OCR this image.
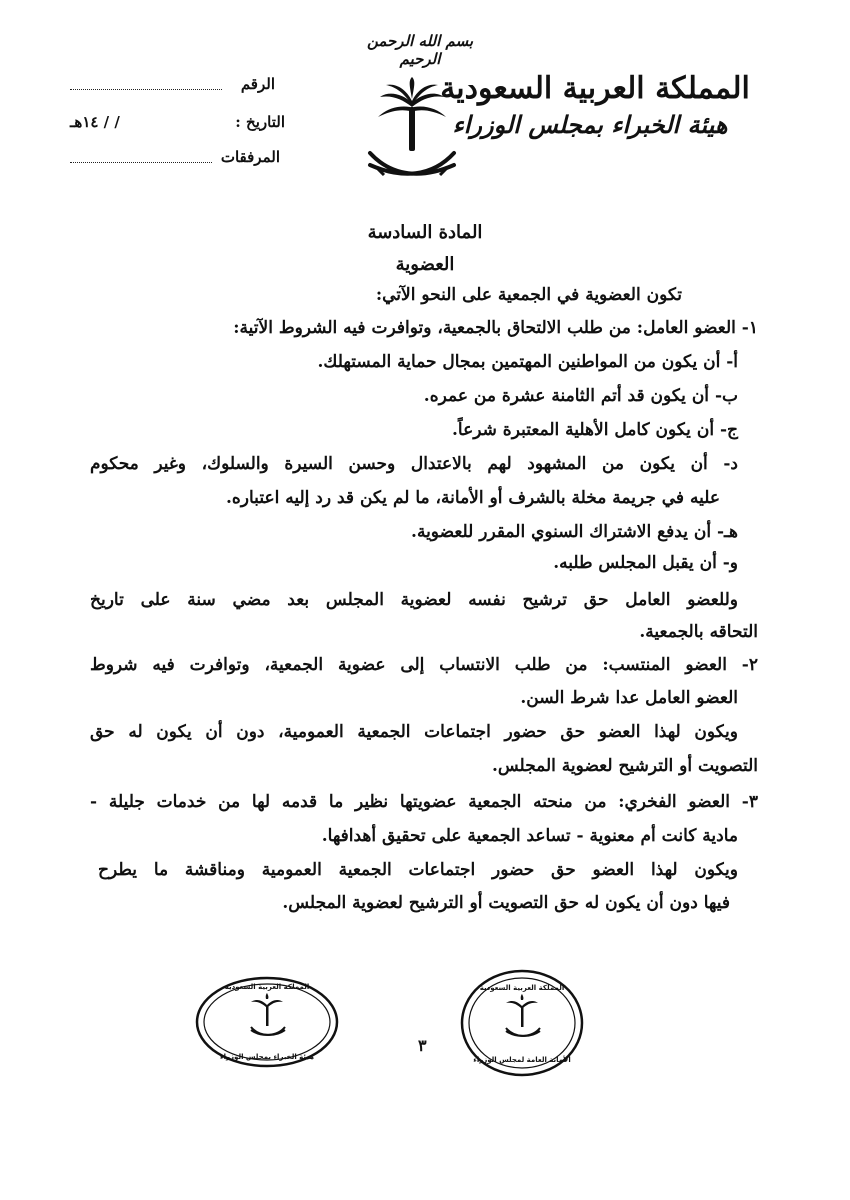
بسم الله الرحمن الرحيم
المملكة العربية السعودية
هيئة الخبراء بمجلس الوزراء
الرقم
التاريخ :
/ / ١٤هـ
المرفقات
المادة السادسة
العضوية
تكون العضوية في الجمعية على النحو الآتي:
١- العضو العامل: من طلب الالتحاق بالجمعية، وتوافرت فيه الشروط الآتية:
أ- أن يكون من المواطنين المهتمين بمجال حماية المستهلك.
ب- أن يكون قد أتم الثامنة عشرة من عمره.
ج- أن يكون كامل الأهلية المعتبرة شرعاً.
د- أن يكون من المشهود لهم بالاعتدال وحسن السيرة والسلوك، وغير محكوم
عليه في جريمة مخلة بالشرف أو الأمانة، ما لم يكن قد رد إليه اعتباره.
هـ- أن يدفع الاشتراك السنوي المقرر للعضوية.
و- أن يقبل المجلس طلبه.
وللعضو العامل حق ترشيح نفسه لعضوية المجلس بعد مضي سنة على تاريخ
التحاقه بالجمعية.
٢- العضو المنتسب: من طلب الانتساب إلى عضوية الجمعية، وتوافرت فيه شروط
العضو العامل عدا شرط السن.
ويكون لهذا العضو حق حضور اجتماعات الجمعية العمومية، دون أن يكون له حق
التصويت أو الترشيح لعضوية المجلس.
٣- العضو الفخري: من منحته الجمعية عضويتها نظير ما قدمه لها من خدمات جليلة -
مادية كانت أم معنوية - تساعد الجمعية على تحقيق أهدافها.
ويكون لهذا العضو حق حضور اجتماعات الجمعية العمومية ومناقشة ما يطرح
فيها دون أن يكون له حق التصويت أو الترشيح لعضوية المجلس.
المملكة العربية السعودية
هيئة الخبراء بمجلس الوزراء
المملكة العربية السعودية
الأمانة العامة لمجلس الوزراء
٣
